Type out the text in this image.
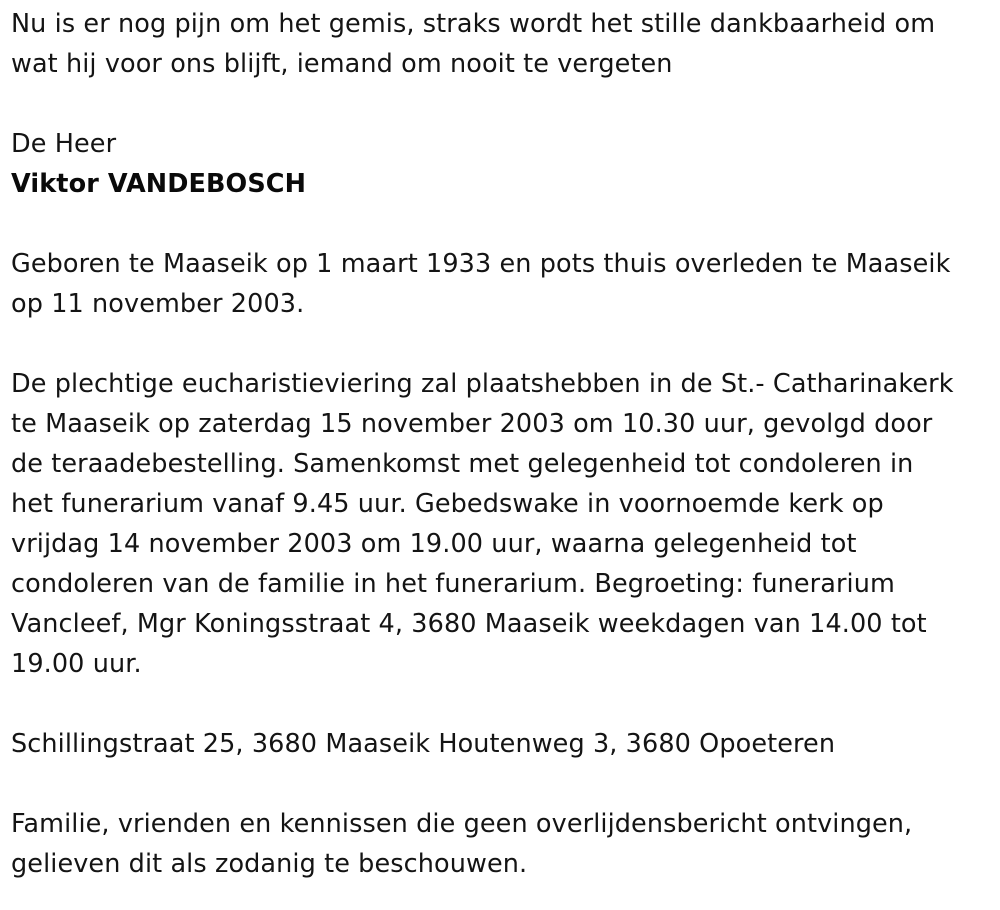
Nu is er nog pijn om het gemis, straks wordt het stille dankbaarheid om
wat hij voor ons blijft, iemand om nooit te vergeten

De Heer
Viktor VANDEBOSCH

Geboren te Maaseik op 1 maart 1933 en pots thuis overleden te Maaseik
op 11 november 2003.

De plechtige eucharistieviering zal plaatshebben in de St.- Catharinakerk
te Maaseik op zaterdag 15 november 2003 om 10.30 uur, gevolgd door
de teraadebestelling. Samenkomst met gelegenheid tot condoleren in
het funerarium vanaf 9.45 uur. Gebedswake in voornoemde kerk op
vrijdag 14 november 2003 om 19.00 uur, waarna gelegenheid tot
condoleren van de familie in het funerarium. Begroeting: funerarium
Vancleef, Mgr Koningsstraat 4, 3680 Maaseik weekdagen van 14.00 tot
19.00 uur.

Schillingstraat 25, 3680 Maaseik Houtenweg 3, 3680 Opoeteren

Familie, vrienden en kennissen die geen overlijdensbericht ontvingen,
gelieven dit als zodanig te beschouwen.
